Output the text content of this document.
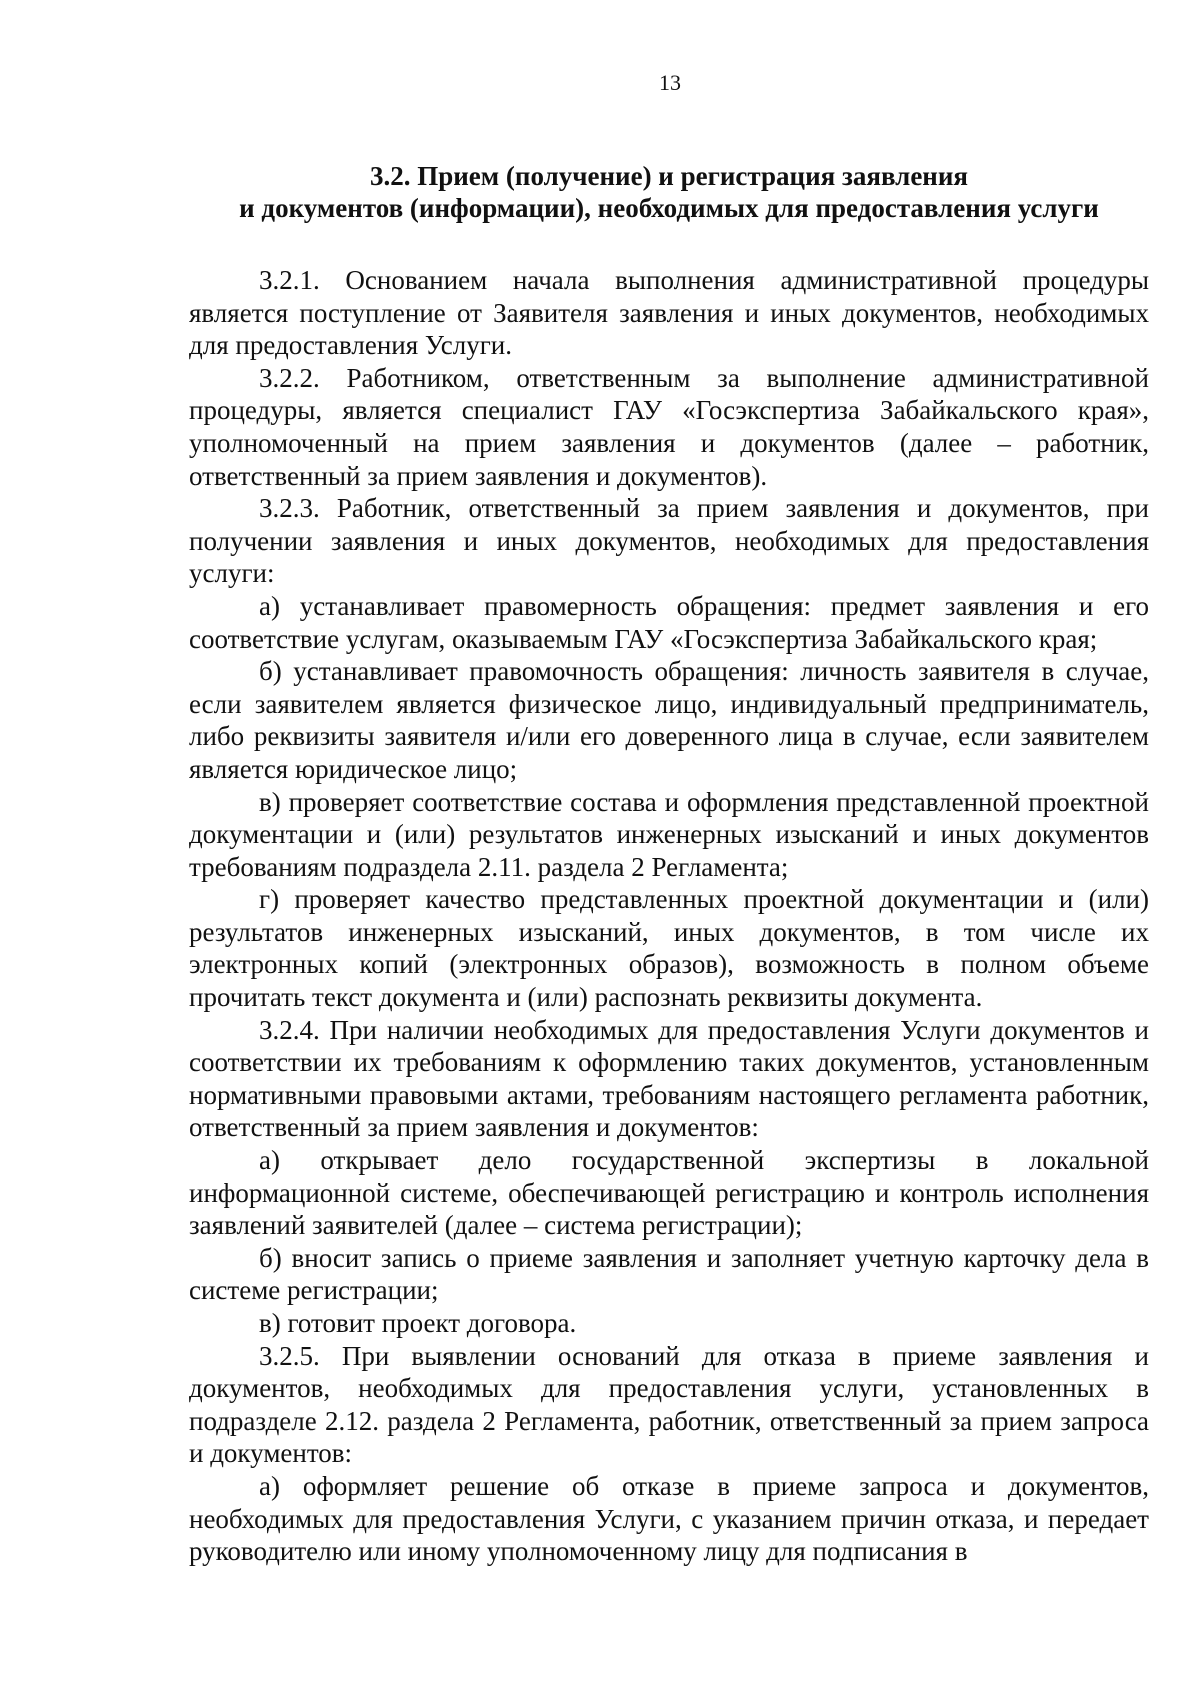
13
3.2. Прием (получение) и регистрация заявления
и документов (информации), необходимых для предоставления услуги

3.2.1. Основанием начала выполнения административной процедуры является поступление от Заявителя заявления и иных документов, необходимых для предоставления Услуги.

3.2.2. Работником, ответственным за выполнение административной процедуры, является специалист ГАУ «Госэкспертиза Забайкальского края», уполномоченный на прием заявления и документов (далее – работник, ответственный за прием заявления и документов).

3.2.3. Работник, ответственный за прием заявления и документов, при получении заявления и иных документов, необходимых для предоставления услуги:

а) устанавливает правомерность обращения: предмет заявления и его соответствие услугам, оказываемым ГАУ «Госэкспертиза Забайкальского края;

б) устанавливает правомочность обращения: личность заявителя в случае, если заявителем является физическое лицо, индивидуальный предприниматель, либо реквизиты заявителя и/или его доверенного лица в случае, если заявителем является юридическое лицо;

в) проверяет соответствие состава и оформления представленной проектной документации и (или) результатов инженерных изысканий и иных документов требованиям подраздела 2.11. раздела 2 Регламента;

г) проверяет качество представленных проектной документации и (или) результатов инженерных изысканий, иных документов, в том числе их электронных копий (электронных образов), возможность в полном объеме прочитать текст документа и (или) распознать реквизиты документа.

3.2.4. При наличии необходимых для предоставления Услуги документов и соответствии их требованиям к оформлению таких документов, установленным нормативными правовыми актами, требованиям настоящего регламента работник, ответственный за прием заявления и документов:

а) открывает дело государственной экспертизы в локальной информационной системе, обеспечивающей регистрацию и контроль исполнения заявлений заявителей (далее – система регистрации);

б) вносит запись о приеме заявления и заполняет учетную карточку дела в системе регистрации;

в) готовит проект договора.

3.2.5. При выявлении оснований для отказа в приеме заявления и документов, необходимых для предоставления услуги, установленных в подразделе 2.12. раздела 2 Регламента, работник, ответственный за прием запроса и документов:

а) оформляет решение об отказе в приеме запроса и документов, необходимых для предоставления Услуги, с указанием причин отказа, и передает руководителю или иному уполномоченному лицу для подписания в
